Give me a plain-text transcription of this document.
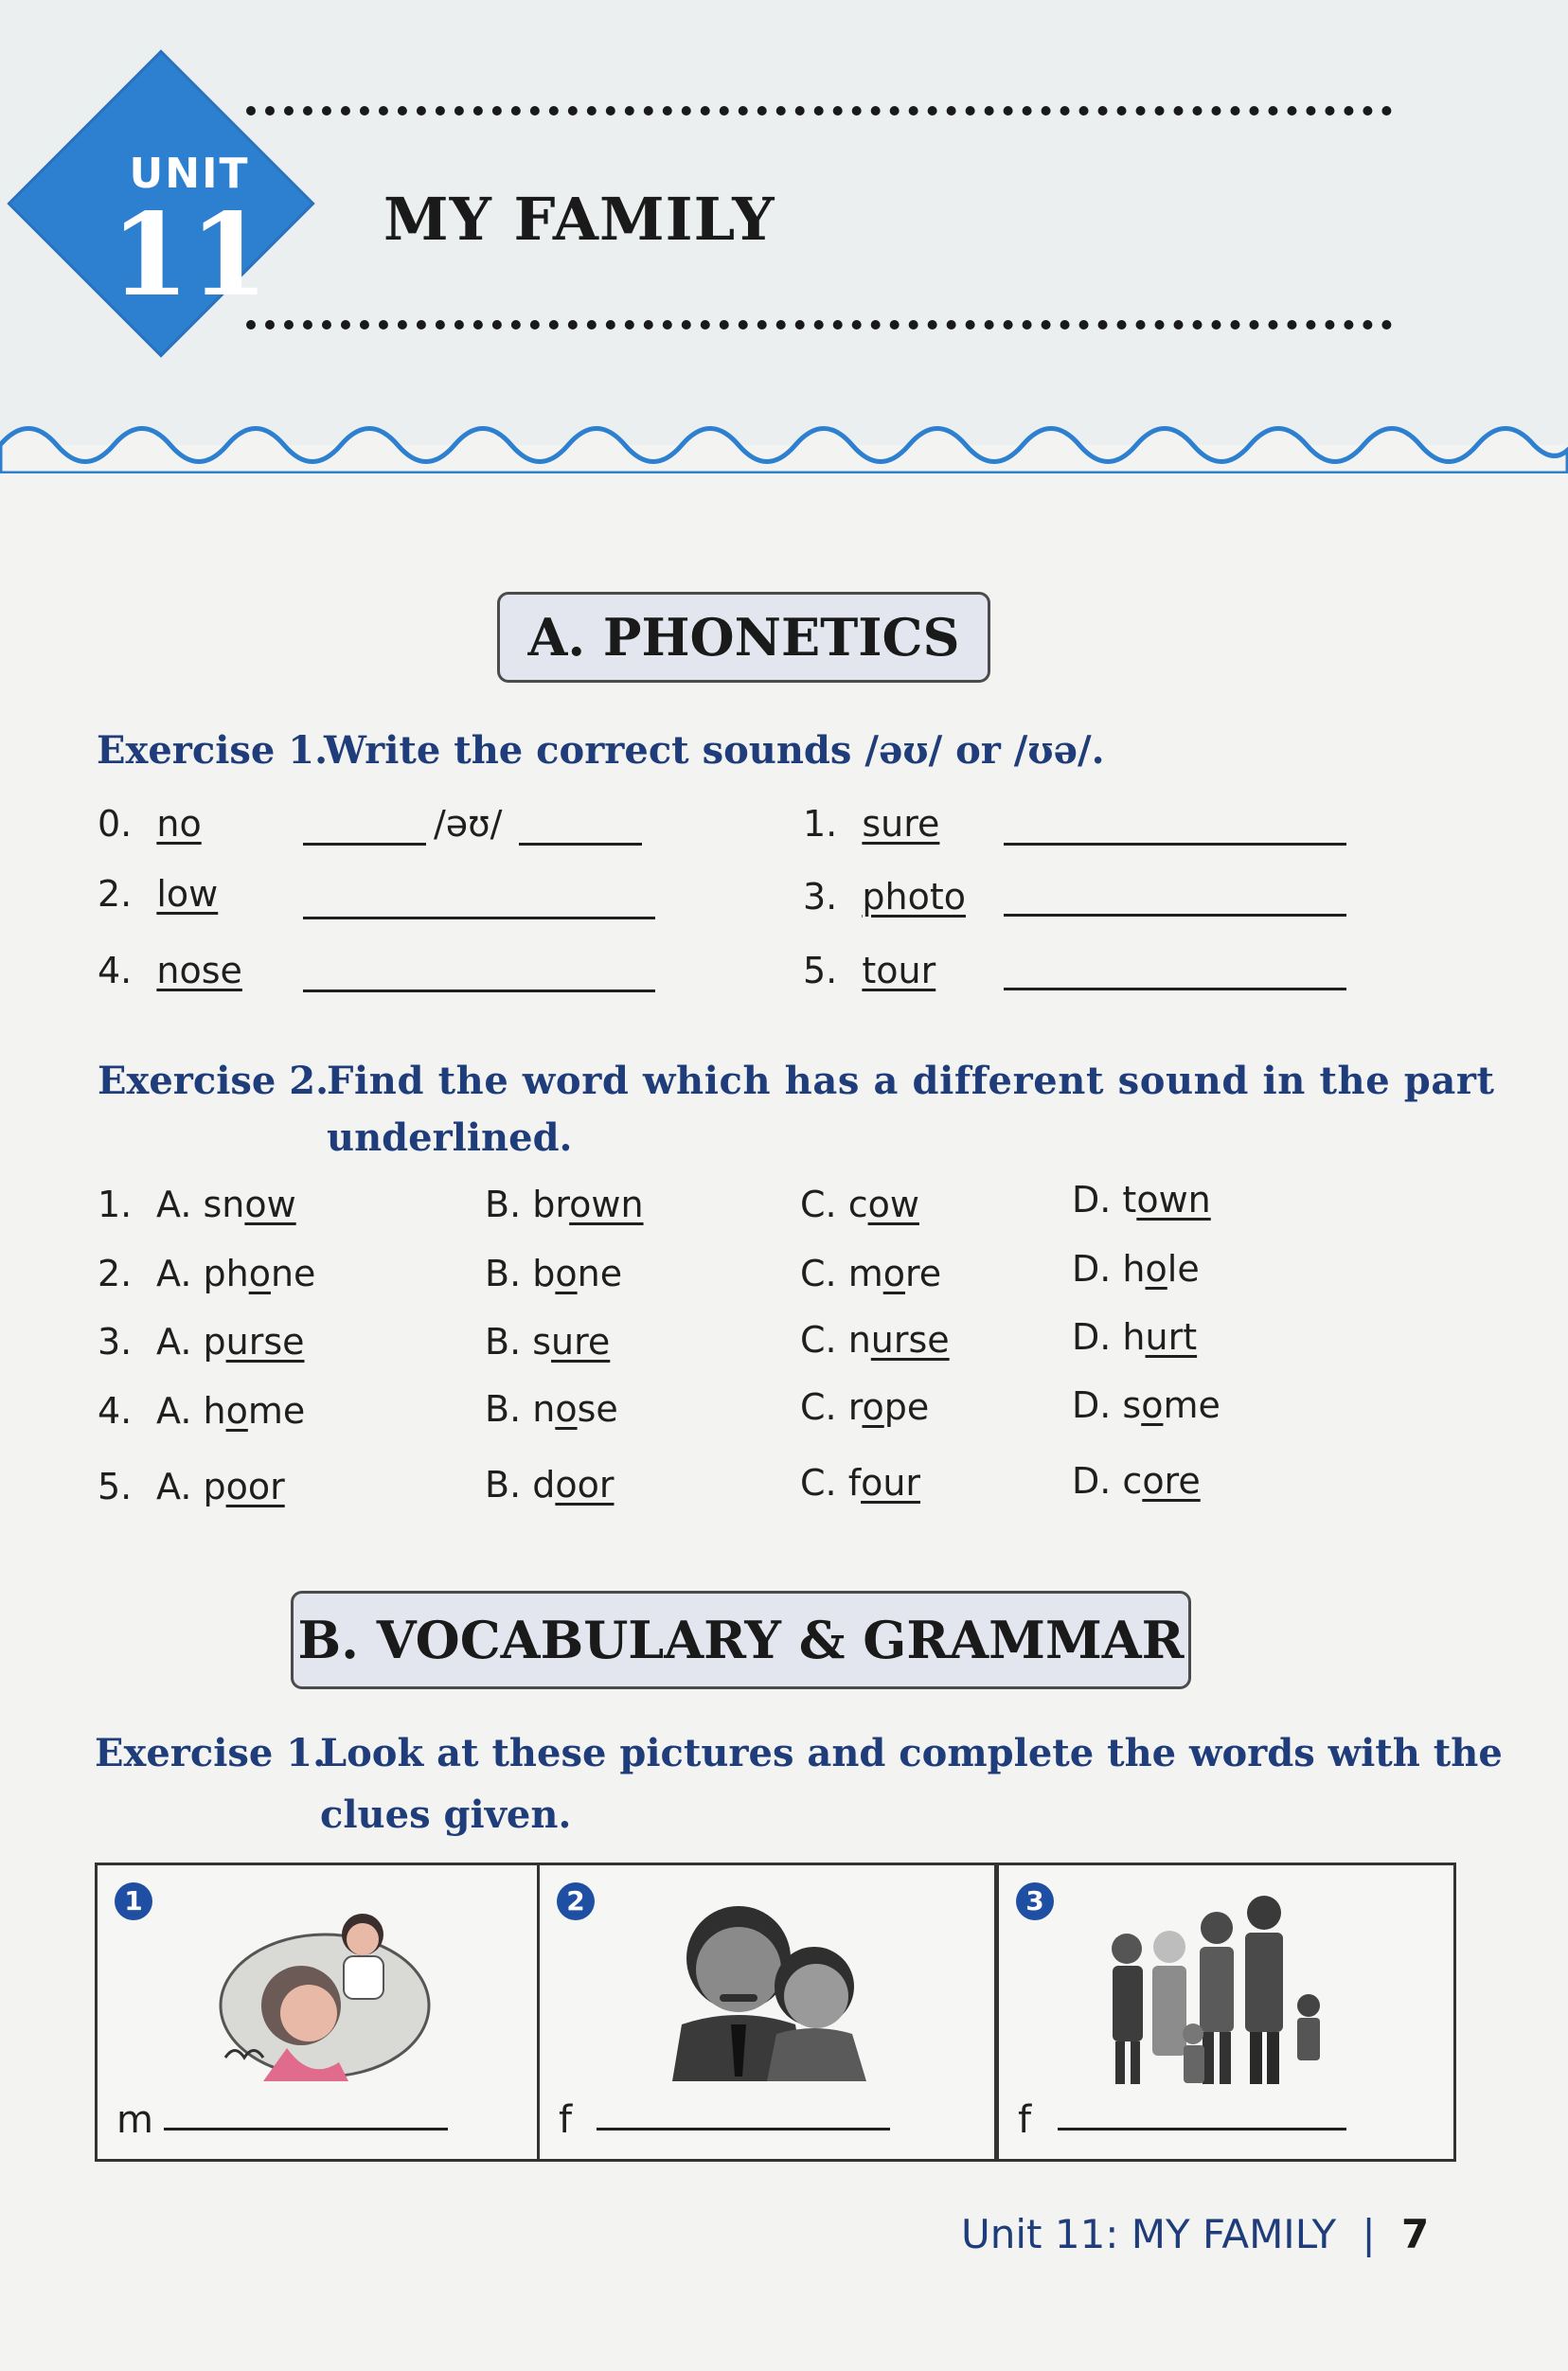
UNIT
11 MY FAMILY
A. PHONETICS
Exercise 1.
Write the correct sounds /əʊ/ or /ʊə/.
0. no	/əʊ/	1. sure
2. low	3. photo
4. nose	5. tour
Exercise 2.
Find the word which has a different sound in the part
underlined.
1. A. snow	B. brown	C. cow	D. town
2. A. phone	B. bone	C. more	D. hole
3. A. purse	B. sure	C. nurse	D. hurt
4. A. home	B. nose	C. rope	D. some
5. A. poor	B. door	C. four	D. core
B. VOCABULARY & GRAMMAR
Exercise 1.
Look at these pictures and complete the words with the
clues given.
1
m
2
f
3
f
Unit 11: MY FAMILY | 7
